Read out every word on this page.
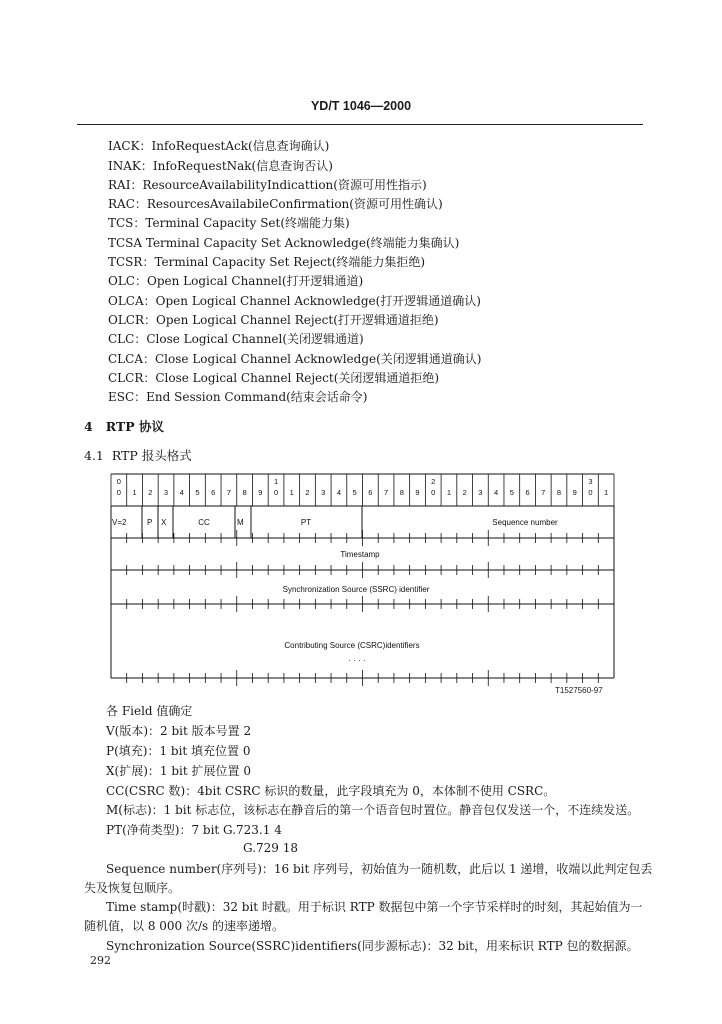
YD/T 1046—2000
IACK：InfoRequestAck(信息查询确认)
INAK：InfoRequestNak(信息查询否认)
RAI：ResourceAvailabilityIndicattion(资源可用性指示)
RAC：ResourcesAvailabileConfirmation(资源可用性确认)
TCS：Terminal Capacity Set(终端能力集)
TCSA Terminal Capacity Set Acknowledge(终端能力集确认)
TCSR：Terminal Capacity Set Reject(终端能力集拒绝)
OLC：Open Logical Channel(打开逻辑通道)
OLCA：Open Logical Channel Acknowledge(打开逻辑通道确认)
OLCR：Open Logical Channel Reject(打开逻辑通道拒绝)
CLC：Close Logical Channel(关闭逻辑通道)
CLCA：Close Logical Channel Acknowledge(关闭逻辑通道确认)
CLCR：Close Logical Channel Reject(关闭逻辑通道拒绝)
ESC：End Session Command(结束会话命令)
4 RTP 协议
4.1 RTP 报头格式
0 1 2 3 4 5 6 7 8 9 0 1 2 3 4 5 6 7 8 9 0 1 2 3 4 5 6 7 8 9 0 1
0	1	2	3
V=2	P X	CC	M	PT	Sequence number
Timestamp
Synchronization Source (SSRC) identifier
Contributing Source (CSRC)identifiers
· · · ·
T1527560-97
各 Field 值确定
V(版本)：2 bit 版本号置 2
P(填充)：1 bit 填充位置 0
X(扩展)：1 bit 扩展位置 0
CC(CSRC 数)：4bit CSRC 标识的数量，此字段填充为 0，本体制不使用 CSRC。
M(标志)：1 bit 标志位，该标志在静音后的第一个语音包时置位。静音包仅发送一个，不连续发送。
PT(净荷类型)：7 bit G.723.1 4
G.729 18
Sequence number(序列号)：16 bit 序列号，初始值为一随机数，此后以 1 递增，收端以此判定包丢
失及恢复包顺序。
Time stamp(时戳)：32 bit 时戳。用于标识 RTP 数据包中第一个字节采样时的时刻，其起始值为一
随机值，以 8 000 次/s 的速率递增。
Synchronization Source(SSRC)identifiers(同步源标志)：32 bit，用来标识 RTP 包的数据源。
292
